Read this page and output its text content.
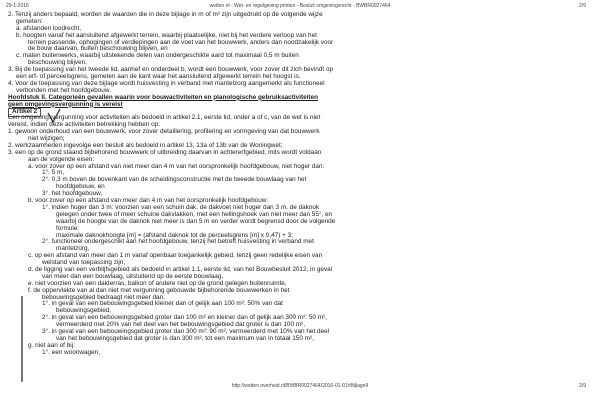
29-1-2016	wetten.nl - Wet- en regelgeving printen - Besluit omgevingsrecht - BWBR0027464	2/9
2. Tenzij anders bepaald, worden de waarden die in deze bijlage in m of m² zijn uitgedrukt op de volgende wijze
gemeten:
a. afstanden loodrecht,
b. hoogten vanaf het aansluitend afgewerkt terrein, waarbij plaatselijke, niet bij het verdere verloop van het
terrein passende, ophogingen of verdiepingen aan de voet van het bouwwerk, anders dan noodzakelijk voor
de bouw daarvan, buiten beschouwing blijven, en
c. maten buitenwerks, waarbij uitstekende delen van ondergeschikte aard tot maximaal 0,5 m buiten
beschouwing blijven.
3. Bij de toepassing van het tweede lid, aanhef en onderdeel b, wordt een bouwwerk, voor zover dit zich bevindt op
een erf- of perceelsgrens, gemeten aan de kant waar het aansluitend afgewerkt terrein het hoogst is.
4. Voor de toepassing van deze bijlage wordt huisvesting in verband met mantelzorg aangemerkt als functioneel
verbonden met het hoofdgebouw.
Hoofdstuk II. Categorieën gevallen waarin voor bouwactiviteiten en planologische gebruiksactiviteiten
geen omgevingsvergunning is vereist
Artikel 2
Een omgevingsvergunning voor activiteiten als bedoeld in artikel 2.1, eerste lid, onder a of c, van de wet is niet
vereist, indien deze activiteiten betrekking hebben op:
1. gewoon onderhoud van een bouwwerk, voor zover detaillering, profilering en vormgeving van dat bouwwerk
niet wijzigen;
2. werkzaamheden ingevolge een besluit als bedoeld in artikel 13, 13a of 13b van de Woningwet;
3. een op de grond staand bijbehorend bouwwerk of uitbreiding daarvan in achtererfgebied, mits wordt voldaan
aan de volgende eisen:
a. voor zover op een afstand van niet meer dan 4 m van het oorspronkelijk hoofdgebouw, niet hoger dan:
1°. 5 m,
2°. 0,3 m boven de bovenkant van de scheidingsconstructie met de tweede bouwlaag van het
hoofdgebouw, en
3°. het hoofdgebouw,
b. voor zover op een afstand van meer dan 4 m van het oorspronkelijk hoofdgebouw:
1°. indien hoger dan 3 m: voorzien van een schuin dak, de dakvoet niet hoger dan 3 m, de daknok
gelegen onder twee of meer schuine dakvlakken, met een hellingshoek van niet meer dan 55°, en
waarbij de hoogte van de daknok niet meer is dan 5 m en verder wordt begrensd door de volgende
formule:
maximale daknokhoogte [m] = (afstand daknok tot de perceelsgrens [m] x 0,47) + 3;
2°. functioneel ondergeschikt aan het hoofdgebouw, tenzij het betreft huisvesting in verband met
mantelzorg,
c. op een afstand van meer dan 1 m vanaf openbaar toegankelijk gebied, tenzij geen redelijke eisen van
welstand van toepassing zijn,
d. de ligging van een verblijfsgebied als bedoeld in artikel 1.1, eerste lid, van het Bouwbesluit 2012, in geval
van meer dan een bouwlaag, uitsluitend op de eerste bouwlaag,
e. niet voorzien van een dakterras, balkon of andere niet op de grond gelegen buitenruimte,
f. de oppervlakte van al dan niet met vergunning gebouwde bijbehorende bouwwerken in het
bebouwingsgebied bedraagt niet meer dan:
1°. in geval van een bebouwingsgebied kleiner dan of gelijk aan 100 m²: 50% van dat
bebouwingsgebied,
2°. in geval van een bebouwingsgebied groter dan 100 m² en kleiner dan of gelijk aan 300 m²: 50 m²,
vermeerderd met 20% van het deel van het bebouwingsgebied dat groter is dan 100 m²,
3°. in geval van een bebouwingsgebied groter dan 300 m²: 90 m², vermeerderd met 10% van het deel
van het bebouwingsgebied dat groter is dan 300 m², tot een maximum van in totaal 150 m²,
g. niet aan of bij:
1°. een woonwagen,
http://wetten.overheid.nl/BWBR0027464/2016-01-01#BijlageII	2/9
